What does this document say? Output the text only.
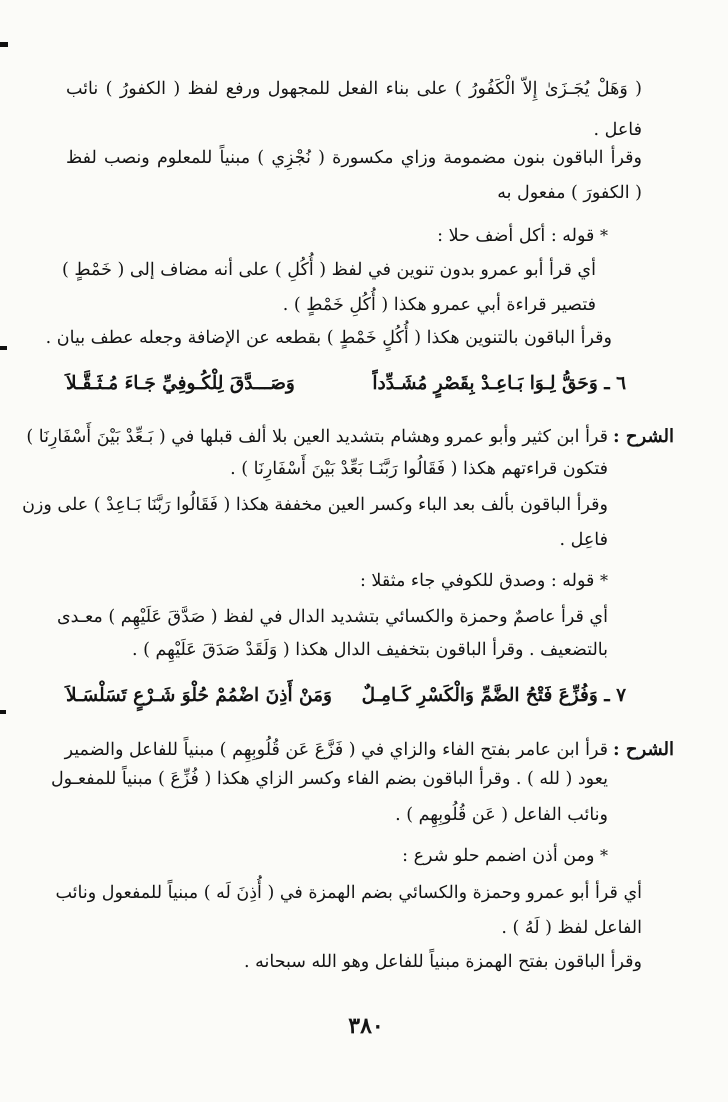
( وَهَلْ يُجَـزَىٰ إِلاّ الْكَفُورُ ) على بناء الفعل للمجهول ورفع لفظ ( الكفورُ ) نائب
فاعل .
وقرأ الباقون بنون مضمومة وزاي مكسورة ( نُجْزِي ) مبنياً للمعلوم ونصب لفظ
( الكفورَ ) مفعول به
* قوله : أكل أضف حلا :
أي قرأ أبو عمرو بدون تنوين في لفظ ( أُكُلِ ) على أنه مضاف إلى ( خَمْطٍ )
فتصير قراءة أبي عمرو هكذا ( أُكُلِ خَمْطٍ ) .
وقرأ الباقون بالتنوين هكذا ( أُكُلٍ خَمْطٍ ) بقطعه عن الإضافة وجعله عطف بيان .
٦ ـ وَحَقُّ لِـوَا بَـاعِـدْ بِقَصْرٍ مُشَـدِّداً
وَصَـــدَّقَ لِلْكُـوفِيِّ جَـاءَ مُـثَـقَّـلاَ
الشرح :
قرأ ابن كثير وأبو عمرو وهشام بتشديد العين بلا ألف قبلها في ( بَـعِّدْ بَيْنَ أَسْفَارِنَا )
فتكون قراءتهم هكذا ( فَقَالُوا رَبَّنَـا بَعِّدْ بَيْنَ أَسْفَارِنَا ) .
وقرأ الباقون بألف بعد الباء وكسر العين مخففة هكذا ( فَقَالُوا رَبَّنَا بَـاعِدْ ) على وزن
فاعِل .
* قوله : وصدق للكوفي جاء مثقلا :
أي قرأ عاصمٌ وحمزة والكسائي بتشديد الدال في لفظ ( صَدَّقَ عَلَيْهِم ) معـدى
بالتضعيف . وقرأ الباقون بتخفيف الدال هكذا ( وَلَقَدْ صَدَقَ عَلَيْهِم ) .
٧ ـ وَفُزِّعَ فَتْحُ الضَّمِّ وَالْكَسْرِ كَـامِـلٌ
وَمَنْ أَذِنَ اضْمُمْ حُلْوَ شَـرْعٍ تَسَلْسَـلاَ
الشرح :
قرأ ابن عامر بفتح الفاء والزاي في ( فَزَّعَ عَن قُلُوبِهِم ) مبنياً للفاعل والضمير
يعود ( لله ) . وقرأ الباقون بضم الفاء وكسر الزاي هكذا ( فُزِّعَ ) مبنياً للمفعـول
ونائب الفاعل ( عَن قُلُوبِهِم ) .
* ومن أذن اضمم حلو شرع :
أي قرأ أبو عمرو وحمزة والكسائي بضم الهمزة في ( أُذِنَ لَه ) مبنياً للمفعول ونائب
الفاعل لفظ ( لَهُ ) .
وقرأ الباقون بفتح الهمزة مبنياً للفاعل وهو الله سبحانه .
٣٨٠
